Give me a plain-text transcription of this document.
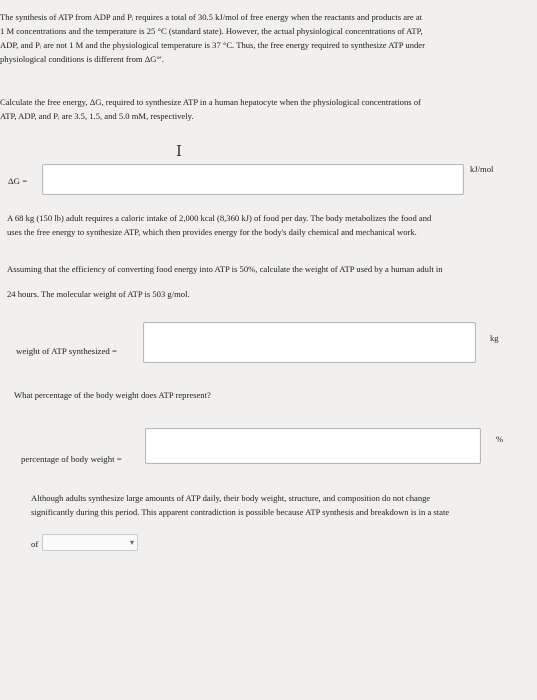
The synthesis of ATP from ADP and Pᵢ requires a total of 30.5 kJ/mol of free energy when the reactants and products are at

1 M concentrations and the temperature is 25 °C (standard state). However, the actual physiological concentrations of ATP,

ADP, and Pᵢ are not 1 M and the physiological temperature is 37 °C. Thus, the free energy required to synthesize ATP under

physiological conditions is different from ΔG°′.

Calculate the free energy, ΔG, required to synthesize ATP in a human hepatocyte when the physiological concentrations of

ATP, ADP, and Pᵢ are 3.5, 1.5, and 5.0 mM, respectively.

I
ΔG =
kJ/mol

A 68 kg (150 lb) adult requires a caloric intake of 2,000 kcal (8,360 kJ) of food per day. The body metabolizes the food and

uses the free energy to synthesize ATP, which then provides energy for the body's daily chemical and mechanical work.

Assuming that the efficiency of converting food energy into ATP is 50%, calculate the weight of ATP used by a human adult in

24 hours. The molecular weight of ATP is 503 g/mol.

weight of ATP synthesized =
kg

What percentage of the body weight does ATP represent?

percentage of body weight =
%

Although adults synthesize large amounts of ATP daily, their body weight, structure, and composition do not change

significantly during this period. This apparent contradiction is possible because ATP synthesis and breakdown is in a state

of	▾
